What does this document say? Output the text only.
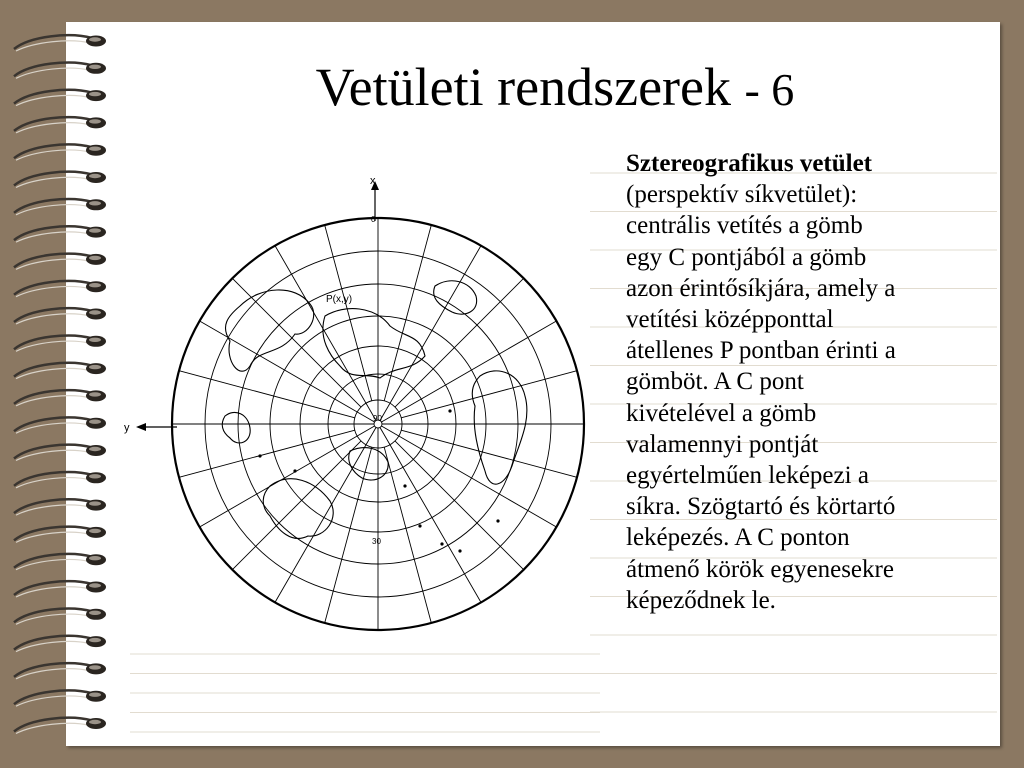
Vetületi rendszerek - 6
x
y
P(x,y)
0
90
30
Sztereografikus vetület
(perspektív síkvetület):
centrális vetítés a gömb
egy C pontjából a gömb
azon érintősíkjára, amely a
vetítési középponttal
átellenes P pontban érinti a
gömböt. A C pont
kivételével a gömb
valamennyi pontját
egyértelműen leképezi a
síkra. Szögtartó és körtartó
leképezés. A C ponton
átmenő körök egyenesekre
képeződnek le.
